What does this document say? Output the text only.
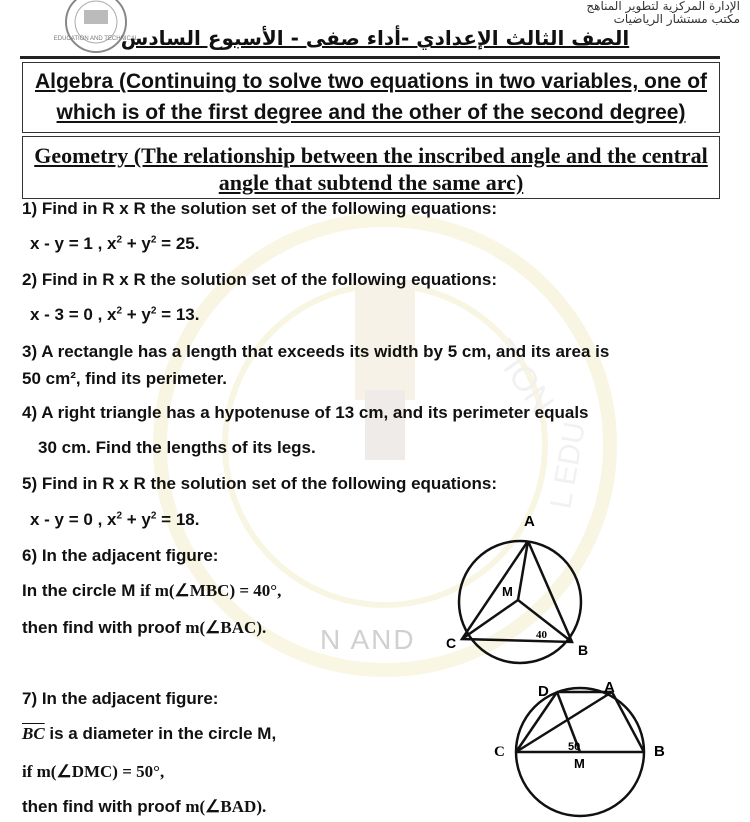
TION
L EDU
N AND
EDUCATION AND TECHNICAL
الإدارة المركزية لتطوير المناهج
مكتب مستشار الرياضيات
الصف الثالث الإعدادي -أداء صفى - الأسبوع السادس
Algebra (Continuing to solve two equations in two variables, one of which is of the first degree and the other of the second degree)
Geometry (The relationship between the inscribed angle and the central angle that subtend the same arc)
1) Find in R x R the solution set of the following equations:
x - y = 1 , $x^2 + y^2 = 25$.
2) Find in R x R the solution set of the following equations:
x - 3 = 0 , $x^2 + y^2 = 13$.
3) A rectangle has a length that exceeds its width by 5 cm, and its area is
50 cm², find its perimeter.
4) A right triangle has a hypotenuse of 13 cm, and its perimeter equals
30 cm. Find the lengths of its legs.
5) Find in R x R the solution set of the following equations:
x - y = 0 , $x^2 + y^2 = 18$.
6) In the adjacent figure:
In the circle M if m(∠MBC) = 40°,
then find with proof m(∠BAC).
A
M
C	B
40
7) In the adjacent figure:
$\overline{BC}$ is a diameter in the circle M,
if m(∠DMC) = 50°,
then find with proof m(∠BAD).
D	A
C	B
M
50
